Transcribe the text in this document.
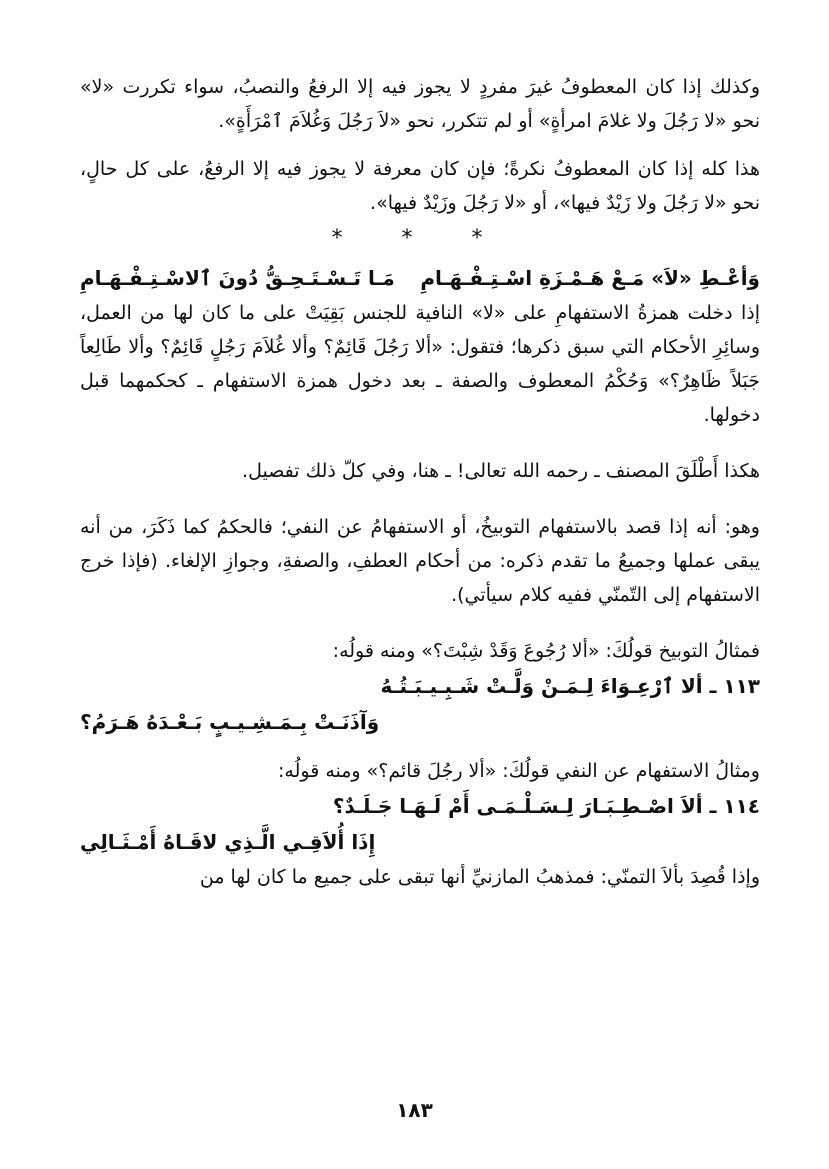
وكذلك إذا كان المعطوفُ غيرَ مفردٍ لا يجوز فيه إلا الرفعُ والنصبُ، سواء تكررت «لا» نحو «لا رَجُلَ ولا غلامَ امرأةٍ» أو لم تتكرر، نحو «لاَ رَجُلَ وَغُلاَمَ ٱمْرَأَةٍ».

هذا كله إذا كان المعطوفُ نكرةً؛ فإن كان معرفة لا يجوز فيه إلا الرفعُ، على كل حالٍ، نحو «لا رَجُلَ ولا زَيْدٌ فيها»، أو «لا رَجُلَ وزَيْدٌ فيها».

* * *
وَأعْـطِ «لاَ» مَـعْ هَـمْـزَةِ اسْـتِـفْـهَـامِ
مَـا تَـسْـتَـحِـقُّ دُونَ ٱلاسْـتِـفْـهَـامِ

إذا دخلت همزةُ الاستفهامِ على «لا» النافية للجنس بَقِيَتْ على ما كان لها من العمل، وسائِرِ الأحكام التي سبق ذكرها؛ فتقول: «ألا رَجُلَ قَائِمٌ؟ وألا غُلاَمَ رَجُلٍ قَائِمٌ؟ وألا طَالِعاً جَبَلاً ظَاهِرٌ؟» وَحُكْمُ المعطوف والصفة ـ بعد دخول همزة الاستفهام ـ كحكمهما قبل دخولها.

هكذا أَطْلَقَ المصنف ـ رحمه الله تعالى! ـ هنا، وفي كلّ ذلك تفصيل.

وهو: أنه إذا قصد بالاستفهام التوبيخُ، أو الاستفهامُ عن النفي؛ فالحكمُ كما ذَكَرَ، من أنه يبقى عملها وجميعُ ما تقدم ذكره: من أحكام العطفِ، والصفةِ، وجوازِ الإلغاء. (فإذا خرج الاستفهام إلى التّمنّي ففيه كلام سيأتي).

فمثالُ التوبيخ قولُكَ: «ألا رُجُوعَ وَقَدْ شِبْتَ؟» ومنه قولُه:

١١٣ ـ ألا ٱرْعِـوَاءَ لِـمَـنْ وَلَّـتْ شَـبِـيـبَـتُـهُ
وَآذَنَـتْ بِـمَـشِـيـبٍ بَـعْـدَهُ هَـرَمُ؟

ومثالُ الاستفهام عن النفي قولُكَ: «ألا رجُلَ قائم؟» ومنه قولُه:

١١٤ ـ ألاَ اصْـطِـبَـارَ لِـسَـلْـمَـى أَمْ لَـهَـا جَـلَـدٌ؟
إِذَا أُلاَقِـي الَّـذِي لاقَـاهُ أَمْـثَـالِي

وإذا قُصِدَ بألاَ التمنّي: فمذهبُ المازنيِّ أنها تبقى على جميع ما كان لها من

١٨٣
